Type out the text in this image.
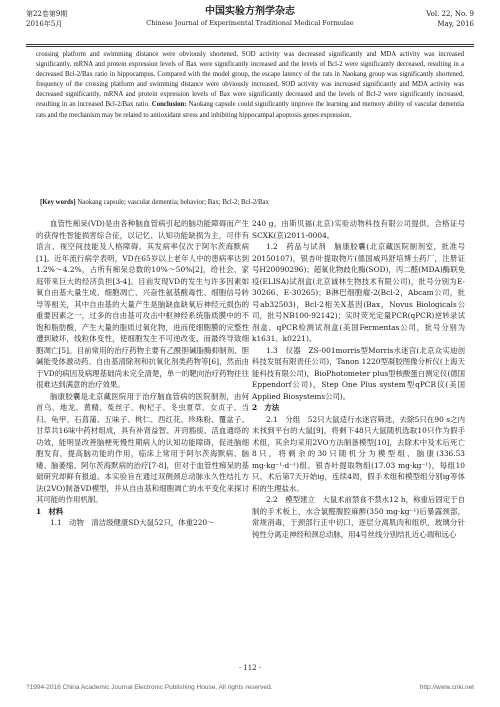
第22卷第9期
2016年5月
中国实验方剂学杂志
Chinese Journal of Experimental Traditional Medical Formulae
Vol. 22, No. 9
May, 2016
crossing platform and swimming distance were obviously shortened, SOD activity was decreased significantly and MDA activity was increased significantly, mRNA and protein expression levels of Bax were significantly increased and the levels of Bcl-2 were significantly decreased, resulting in a decreased Bcl-2/Bax ratio in hippocampus. Compared with the model group, the escape latency of the rats in Naokang group was significantly shortened, frequency of the crossing platform and swimming distance were obviously increased, SOD activity was increased significantly and MDA activity was decreased significantly, mRNA and protein expression levels of Bax were significantly decreased and the levels of Bcl-2 were significantly increased, resulting in an increased Bcl-2/Bax ratio. Conclusion: Naokang capsule could significantly improve the learning and memory ability of vascular dementia rats and the mechanism may be related to antioxidant stress and inhibiting hippocampal apoptosis genes expression.
[Key words] Naokang capsule; vascular dementia; behavior; Bax; Bcl-2; Bcl-2/Bax

血管性痴呆(VD)是由各种脑血管病引起的脑功能障碍而产生的获得性智能损害综合征，以记忆、认知功能缺损为主，可伴有语言、视空间技能及人格障碍。其发病率仅次于阿尔茨海默病[1]。近年流行病学表明，VD在65岁以上老年人中的患病率达到1.2%～4.2%，占所有痴呆总数的10%～50%[2]，给社会、家庭带来巨大的经济负担[3-4]。目前发现VD的发生与许多因素如氧自由基大量生成、细胞凋亡、兴奋性氨基酸毒性、细胞信号转导等相关，其中自由基的大量产生是脑缺血缺氧后神经元损伤的重要因素之一，过多的自由基可攻击中枢神经系统脂质膜中的不饱和脂肪酸，产生大量的脂质过氧化物，进而使细胞膜的完整性遭到破坏，线粒体变性，使细胞发生不可逆改变，而最终导致细胞凋亡[5]。目前常用的治疗药物主要有乙酰胆碱脂酶抑制剂、胆碱能受体激动药、自由基清除剂和抗氧化剂类药物等[6]，然而由于VD的病因及病理基础尚未完全清楚，单一的靶向治疗药物往往很难达到满意的治疗效果。

脑康胶囊是北京藏医院用于治疗脑血管病的医院制剂，由何首乌、地龙、黄精、菟丝子、枸杞子、冬虫夏草、女贞子、当归、龟甲、石菖蒲、五味子、桃仁、西红花、珍珠粉、覆盆子、甘草共16味中药材组成，具有补肾益智、开窍豁痰、活血通络的功效，能明显改善脑梗死慢性期病人的认知功能障碍，促进脑细胞发育，提高脑功能的作用，临床上常用于阿尔茨海默病、脑痿、脑萎缩、阿尔茨海默病的治疗[7-8]，但对于血管性痴呆的基础研究却鲜有报道。本实验旨在通过双侧颈总动脉永久性结扎方法(2VO)制备VD模型，并从自由基和细胞凋亡的水平变化来探讨其可能的作用机制。

1　材料

1.1　动物　清洁级健康SD大鼠52只，体重220～

240 g，由斯贝福(北京)实验动物科技有限公司提供，合格证号SCXK(京)2011-0004。

1.2　药品与试剂　脑康胶囊(北京藏医院制剂室，批准号20150107)，银杏叶提取物片(德国威玛舒培博士药厂，注册证号H20090296)；超氧化物歧化酶(SOD)，丙二醛(MDA)酶联免疫(ELISA)试剂盒(北京诚林生物技术有限公司)，批号分别为E-30266、E-30265)；B淋巴细胞瘤-2(Bcl-2，Abcam公司，批号ab32503)，Bcl-2相关X基因(Bax，Novus Biologicals公司，批号NB100-92142)；实时荧光定量PCR(qPCR)逆转录试剂盒、qPCR检测试剂盒(美国Fermentas公司，批号分别为k1631、k0221)。

1.3　仪器　ZS-001morris型Morris水迷宫(北京众实迪创科技发展有限责任公司)，Tanon 1220型凝胶图像分析仪(上海天能科技有限公司)，BioPhotometer plus型核酸蛋白测定仪(德国Eppendorf公司)，Step One Plus system型qPCR仪(美国Applied Biosystems公司)。

2　方法

2.1　分组　52只大鼠适行水迷宫筛选，去除5只在90 s之内未找到平台的大鼠[9]，将剩下48只大鼠随机选取10只作为假手术组，其余均采用2VO方法制备模型[10]，去除术中及术后死亡8只，将剩余的30只随机分为模型组、脑康(336.53 mg·kg⁻¹·d⁻¹)组、银杏叶提取物组(17.03 mg·kg⁻¹)，每组10只。术后第7天开始ig，连续4周，假手术组和模型组分别ig等体积的生理盐水。

2.2　模型建立　大鼠术前禁食不禁水12 h，称重后固定于自制的手术板上，水合氯醛腹腔麻醉(350 mg·kg⁻¹)后暴露颈部，常规消毒，于颈部行正中切口，逐层分离肌肉和组织，玻璃分针钝性分离走神经和颈总动脉，用4号丝线分别结扎近心端和远心

· 112 ·
?1994-2016 China Academic Journal Electronic Publishing House. All rights reserved.	http://www.cnki.net
